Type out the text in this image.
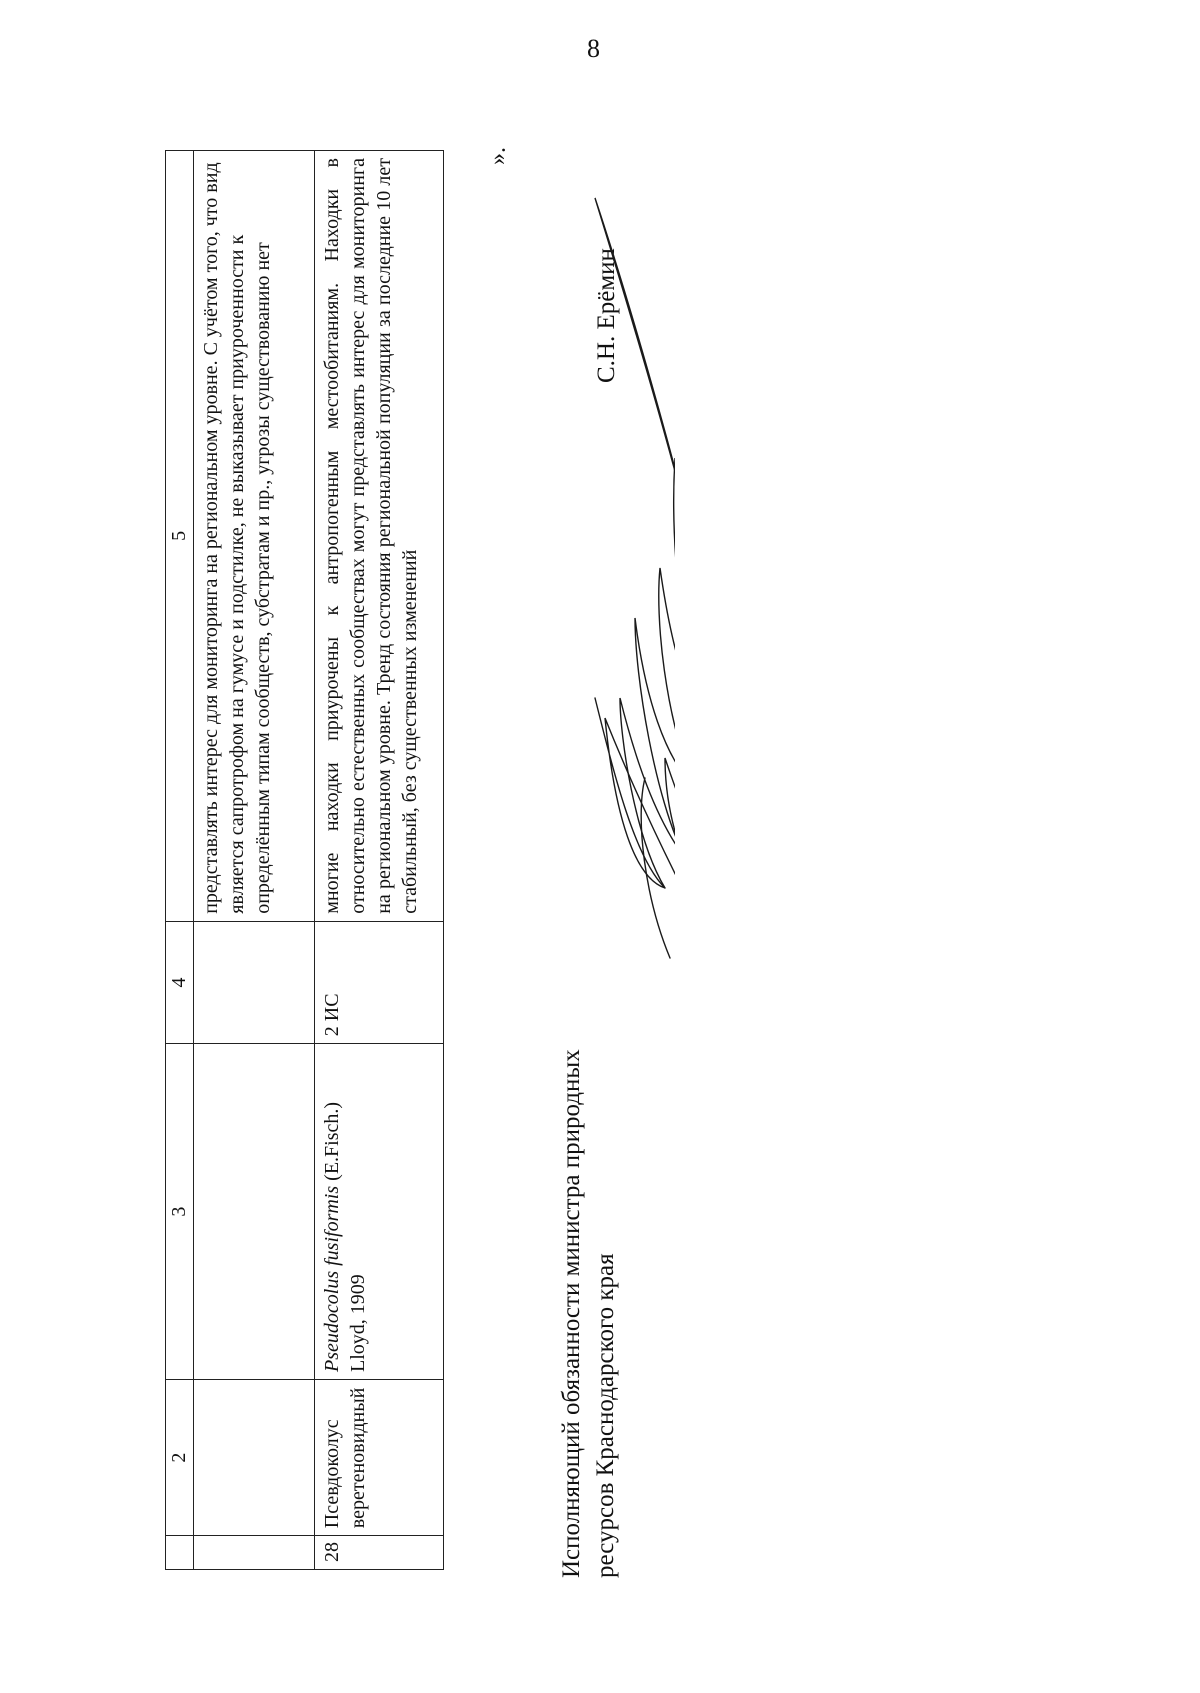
8
	2	3	4	5
				представлять интерес для мониторинга на региональном уровне. С учётом того, что вид является сапротрофом на гумусе и подстилке, не выказывает приуроченности к определённым типам сообществ, субстратам и пр., угрозы существованию нет
28	Псевдоколус веретеновидный	Pseudocolus fusiformis (E.Fisch.) Lloyd, 1909	2 ИС	многие находки приурочены к антропогенным местообитаниям. Находки в относительно естественных сообществах могут представлять интерес для мониторинга на региональном уровне. Тренд состояния региональной популяции за последние 10 лет стабильный, без существенных изменений
».
Исполняющий обязанности министра природных ресурсов Краснодарского края
С.Н. Ерёмин
